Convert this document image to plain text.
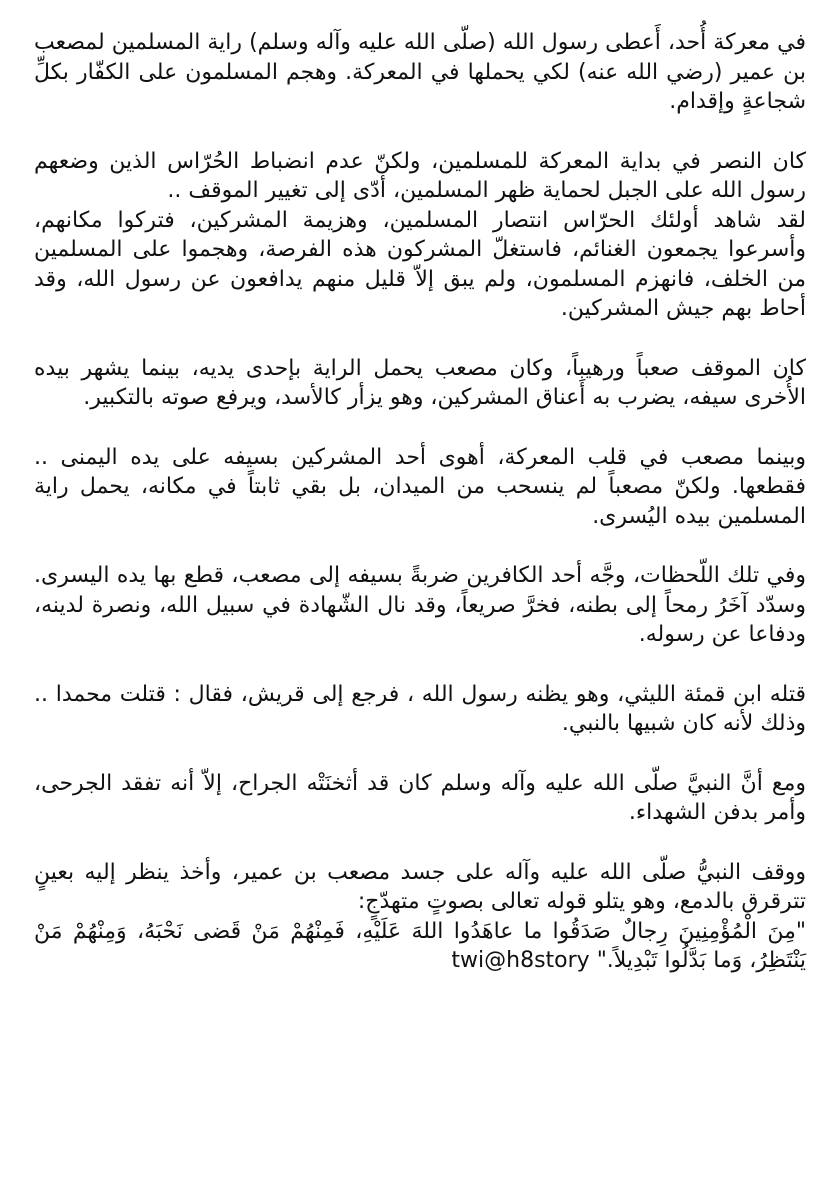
في معركة أُحد، أَعطى رسول الله (صلّى الله عليه وآله وسلم) راية المسلمين لمصعب بن عمير (رضي الله عنه) لكي يحملها في المعركة. وهجم المسلمون على الكفّار بكلِّ شجاعةٍ وإقدام.

كان النصر في بداية المعركة للمسلمين، ولكنّ عدم انضباط الحُرّاس الذين وضعهم رسول الله على الجبل لحماية ظهر المسلمين، أدّى إلى تغيير الموقف ..

لقد شاهد أولئك الحرّاس انتصار المسلمين، وهزيمة المشركين، فتركوا مكانهم، وأسرعوا يجمعون الغنائم، فاستغلّ المشركون هذه الفرصة، وهجموا على المسلمين من الخلف، فانهزم المسلمون، ولم يبق إلاّ قليل منهم يدافعون عن رسول الله، وقد أحاط بهم جيش المشركين.

كان الموقف صعباً ورهيباً، وكان مصعب يحمل الراية بإحدى يديه، بينما يشهر بيده الأُخرى سيفه، يضرب به أَعناق المشركين، وهو يزأر كالأسد، ويرفع صوته بالتكبير.

وبينما مصعب في قلب المعركة، أهوى أحد المشركين بسيفه على يده اليمنى .. فقطعها. ولكنّ مصعباً لم ينسحب من الميدان، بل بقي ثابتاً في مكانه، يحمل راية المسلمين بيده اليُسرى.

وفي تلك اللّحظات، وجَّه أحد الكافرين ضربةً بسيفه إلى مصعب، قطع بها يده اليسرى. وسدّد آخَرُ رمحاً إلى بطنه، فخرَّ صريعاً، وقد نال الشّهادة في سبيل الله، ونصرة لدينه، ودفاعا عن رسوله.

قتله ابن قمئة الليثي، وهو يظنه رسول الله ، فرجع إلى قريش، فقال : قتلت محمدا .. وذلك لأنه كان شبيها بالنبي.

ومع أنَّ النبيَّ صلّى الله عليه وآله وسلم كان قد أثخنَتْه الجراح، إلاّ أنه تفقد الجرحى، وأمر بدفن الشهداء.

ووقف النبيُّ صلّى الله عليه وآله على جسد مصعب بن عمير، وأخذ ينظر إليه بعينٍ تترقرق بالدمع، وهو يتلو قوله تعالى بصوتٍ متهدّجٍ:

"مِنَ الْمُؤْمِنِينَ رِجالٌ صَدَقُوا ما عاهَدُوا اللهَ عَلَيْهِ، فَمِنْهُمْ مَنْ قَضى نَحْبَهُ، وَمِنْهُمْ مَنْ يَنْتَظِرُ، وَما بَدَّلُوا تَبْدِيلاً." twi@h8story
